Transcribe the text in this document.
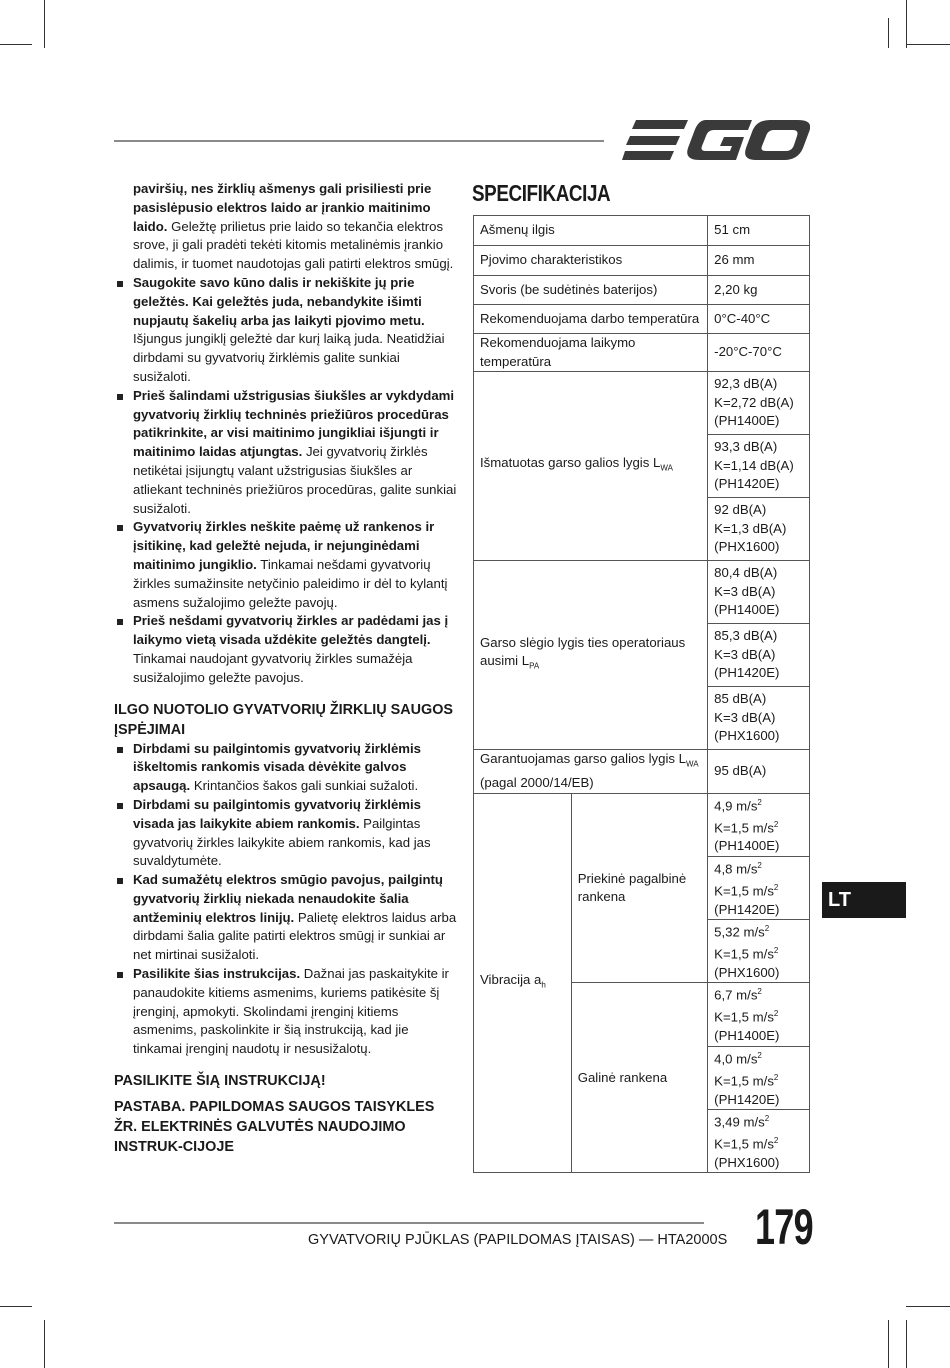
paviršių, nes žirklių ašmenys gali prisiliesti prie pasislėpusio elektros laido ar įrankio maitinimo laido. Geležtę prilietus prie laido so tekančia elektros srove, ji gali pradėti tekėti kitomis metalinėmis įrankio dalimis, ir tuomet naudotojas gali patirti elektros smūgį.

Saugokite savo kūno dalis ir nekiškite jų prie geležtės. Kai geležtės juda, nebandykite išimti nupjautų šakelių arba jas laikyti pjovimo metu. Išjungus jungiklį geležtė dar kurį laiką juda. Neatidžiai dirbdami su gyvatvorių žirklėmis galite sunkiai susižaloti.

Prieš šalindami užstrigusias šiukšles ar vykdydami gyvatvorių žirklių techninės priežiūros procedūras patikrinkite, ar visi maitinimo jungikliai išjungti ir maitinimo laidas atjungtas. Jei gyvatvorių žirklės netikėtai įsijungtų valant užstrigusias šiukšles ar atliekant techninės priežiūros procedūras, galite sunkiai susižaloti.

Gyvatvorių žirkles neškite paėmę už rankenos ir įsitikinę, kad geležtė nejuda, ir nejunginėdami maitinimo jungiklio. Tinkamai nešdami gyvatvorių žirkles sumažinsite netyčinio paleidimo ir dėl to kylantį asmens sužalojimo geležte pavojų.

Prieš nešdami gyvatvorių žirkles ar padėdami jas į laikymo vietą visada uždėkite geležtės dangtelį. Tinkamai naudojant gyvatvorių žirkles sumažėja susižalojimo geležte pavojus.

ILGO NUOTOLIO GYVATVORIŲ ŽIRKLIŲ SAUGOS ĮSPĖJIMAI

Dirbdami su pailgintomis gyvatvorių žirklėmis iškeltomis rankomis visada dėvėkite galvos apsaugą. Krintančios šakos gali sunkiai sužaloti.

Dirbdami su pailgintomis gyvatvorių žirklėmis visada jas laikykite abiem rankomis. Pailgintas gyvatvorių žirkles laikykite abiem rankomis, kad jas suvaldytumėte.

Kad sumažėtų elektros smūgio pavojus, pailgintų gyvatvorių žirklių niekada nenaudokite šalia antžeminių elektros linijų. Palietę elektros laidus arba dirbdami šalia galite patirti elektros smūgį ir sunkiai ar net mirtinai susižaloti.

Pasilikite šias instrukcijas. Dažnai jas paskaitykite ir panaudokite kitiems asmenims, kuriems patikėsite šį įrenginį, apmokyti. Skolindami įrenginį kitiems asmenims, paskolinkite ir šią instrukciją, kad jie tinkamai įrenginį naudotų ir nesusižalotų.

PASILIKITE ŠIĄ INSTRUKCIJĄ!

PASTABA. PAPILDOMAS SAUGOS TAISYKLES ŽR. ELEKTRINĖS GALVUTĖS NAUDOJIMO INSTRUK-CIJOJE

SPECIFIKACIJA
Ašmenų ilgis		51 cm
Pjovimo charakteristikos		26 mm
Svoris (be sudėtinės baterijos)		2,20 kg
Rekomenduojama darbo temperatūra		0°C-40°C
Rekomenduojama laikymo temperatūra		-20°C-70°C
Išmatuotas garso galios lygis $L_{WA}$		92,3 dB(A)
K=2,72 dB(A)
(PH1400E)
		93,3 dB(A)
K=1,14 dB(A)
(PH1420E)
		92 dB(A)
K=1,3 dB(A)
(PHX1600)
Garso slėgio lygis ties operatoriaus ausimi $L_{PA}$		80,4 dB(A)
K=3 dB(A)
(PH1400E)
		85,3 dB(A)
K=3 dB(A)
(PH1420E)
		85 dB(A)
K=3 dB(A)
(PHX1600)
Garantuojamas garso galios lygis $L_{WA}$
(pagal 2000/14/EB)		95 dB(A)
Vibracija $a_h$	Priekinė pagalbinė rankena	4,9 $m/s^2$
K=1,5 $m/s^2$
(PH1400E)
		4,8 $m/s^2$
K=1,5 $m/s^2$
(PH1420E)
		5,32 $m/s^2$
K=1,5 $m/s^2$
(PHX1600)
	Galinė rankena	6,7 $m/s^2$
K=1,5 $m/s^2$
(PH1400E)
		4,0 $m/s^2$
K=1,5 $m/s^2$
(PH1420E)
		3,49 $m/s^2$
K=1,5 $m/s^2$
(PHX1600)
LT
GYVATVORIŲ PJŪKLAS (PAPILDOMAS ĮTAISAS) — HTA2000S 179
